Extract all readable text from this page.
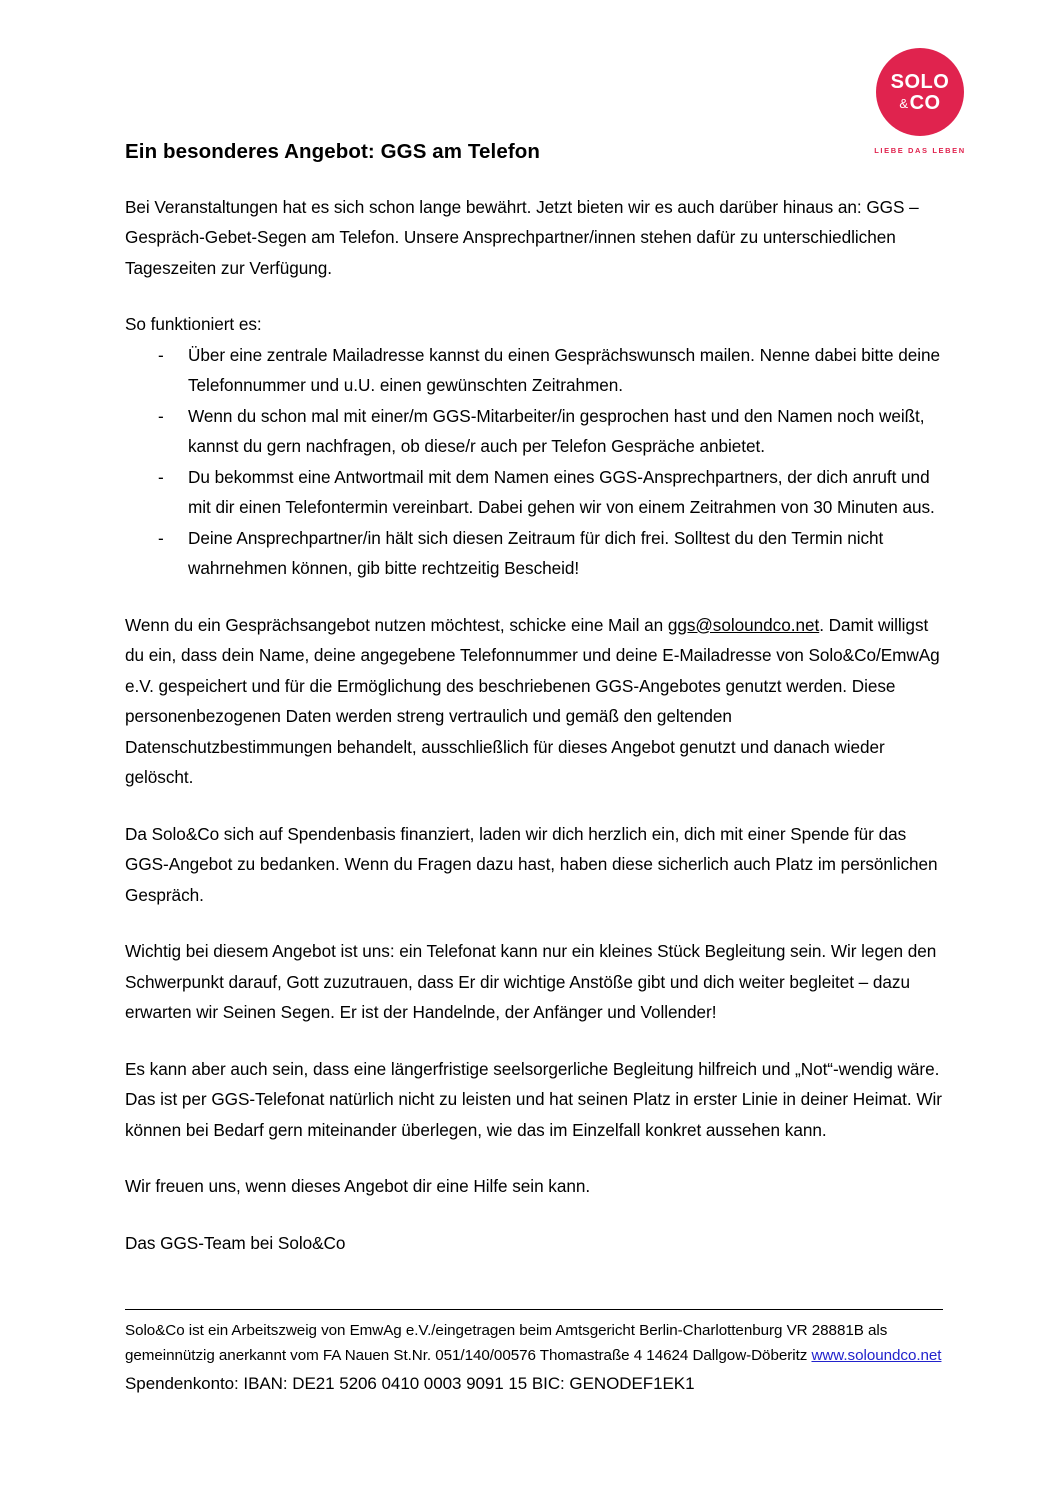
SOLO
&CO
LIEBE DAS LEBEN
Ein besonderes Angebot: GGS am Telefon

Bei Veranstaltungen hat es sich schon lange bewährt. Jetzt bieten wir es auch darüber hinaus an: GGS – Gespräch-Gebet-Segen am Telefon. Unsere Ansprechpartner/innen stehen dafür zu unterschiedlichen Tageszeiten zur Verfügung.

So funktioniert es:

- Über eine zentrale Mailadresse kannst du einen Gesprächswunsch mailen. Nenne dabei bitte deine Telefonnummer und u.U. einen gewünschten Zeitrahmen.
- Wenn du schon mal mit einer/m GGS-Mitarbeiter/in gesprochen hast und den Namen noch weißt, kannst du gern nachfragen, ob diese/r auch per Telefon Gespräche anbietet.
- Du bekommst eine Antwortmail mit dem Namen eines GGS-Ansprechpartners, der dich anruft und mit dir einen Telefontermin vereinbart. Dabei gehen wir von einem Zeitrahmen von 30 Minuten aus.
- Deine Ansprechpartner/in hält sich diesen Zeitraum für dich frei. Solltest du den Termin nicht wahrnehmen können, gib bitte rechtzeitig Bescheid!

Wenn du ein Gesprächsangebot nutzen möchtest, schicke eine Mail an ggs@soloundco.net. Damit willigst du ein, dass dein Name, deine angegebene Telefonnummer und deine E-Mailadresse von Solo&Co/EmwAg e.V. gespeichert und für die Ermöglichung des beschriebenen GGS-Angebotes genutzt werden. Diese personenbezogenen Daten werden streng vertraulich und gemäß den geltenden Datenschutzbestimmungen behandelt, ausschließlich für dieses Angebot genutzt und danach wieder gelöscht.

Da Solo&Co sich auf Spendenbasis finanziert, laden wir dich herzlich ein, dich mit einer Spende für das GGS-Angebot zu bedanken. Wenn du Fragen dazu hast, haben diese sicherlich auch Platz im persönlichen Gespräch.

Wichtig bei diesem Angebot ist uns: ein Telefonat kann nur ein kleines Stück Begleitung sein. Wir legen den Schwerpunkt darauf, Gott zuzutrauen, dass Er dir wichtige Anstöße gibt und dich weiter begleitet – dazu erwarten wir Seinen Segen. Er ist der Handelnde, der Anfänger und Vollender!

Es kann aber auch sein, dass eine längerfristige seelsorgerliche Begleitung hilfreich und „Not“-wendig wäre. Das ist per GGS-Telefonat natürlich nicht zu leisten und hat seinen Platz in erster Linie in deiner Heimat. Wir können bei Bedarf gern miteinander überlegen, wie das im Einzelfall konkret aussehen kann.

Wir freuen uns, wenn dieses Angebot dir eine Hilfe sein kann.

Das GGS-Team bei Solo&Co

Solo&Co ist ein Arbeitszweig von EmwAg e.V./eingetragen beim Amtsgericht Berlin-Charlottenburg VR 28881B als gemeinnützig anerkannt vom FA Nauen St.Nr. 051/140/00576 Thomastraße 4 14624 Dallgow-Döberitz www.soloundco.net

Spendenkonto: IBAN: DE21 5206 0410 0003 9091 15 BIC: GENODEF1EK1
